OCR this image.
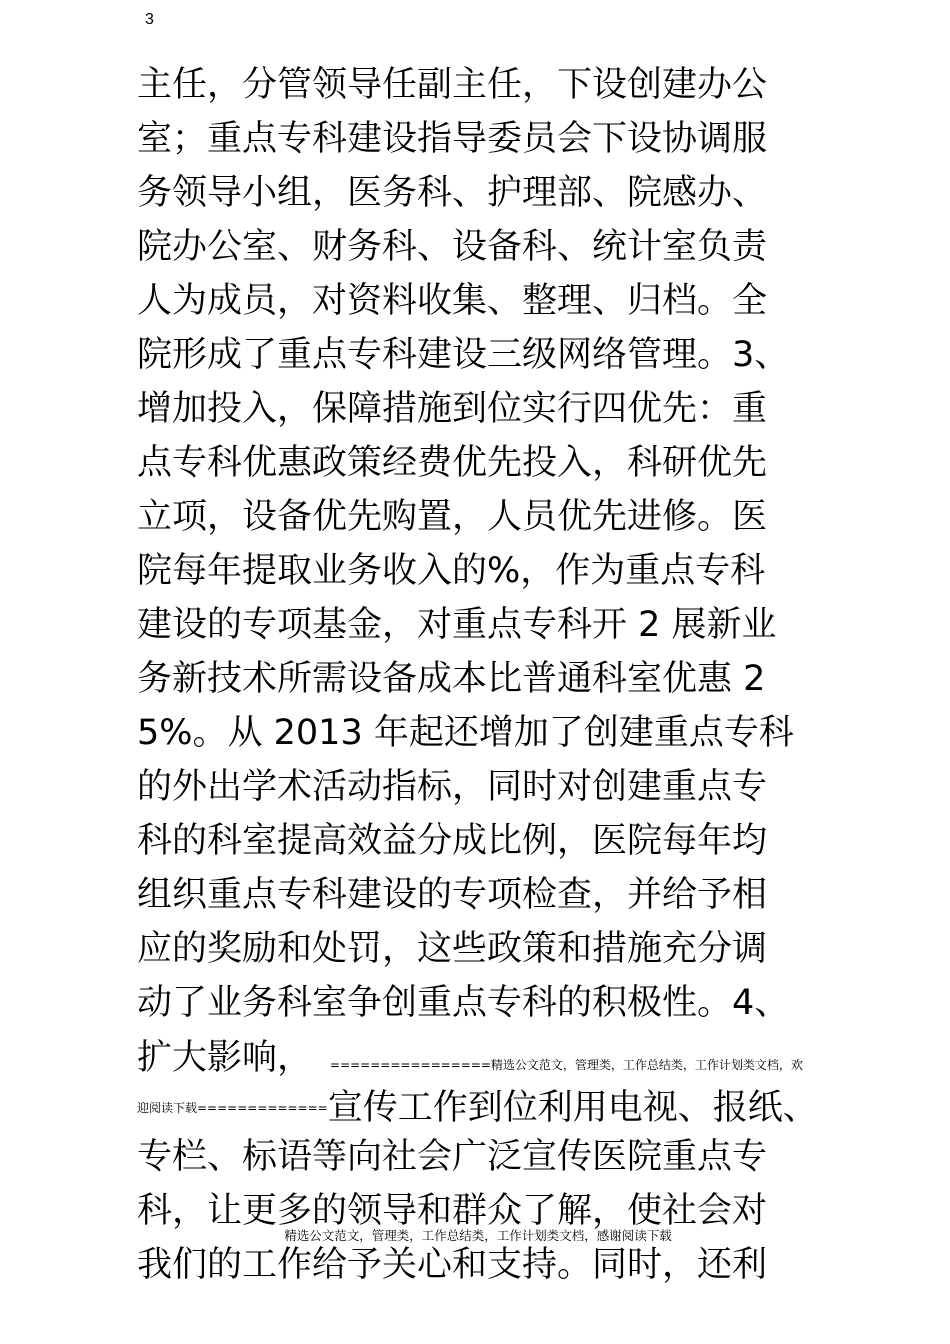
3
主任，分管领导任副主任，下设创建办公
室；重点专科建设指导委员会下设协调服
务领导小组，医务科、护理部、院感办、
院办公室、财务科、设备科、统计室负责
人为成员，对资料收集、整理、归档。全
院形成了重点专科建设三级网络管理。3、
增加投入，保障措施到位实行四优先：重
点专科优惠政策经费优先投入，科研优先
立项，设备优先购置，人员优先进修。医
院每年提取业务收入的%，作为重点专科
建设的专项基金，对重点专科开 2 展新业
务新技术所需设备成本比普通科室优惠 2
5%。从 2013 年起还增加了创建重点专科
的外出学术活动指标，同时对创建重点专
科的科室提高效益分成比例，医院每年均
组织重点专科建设的专项检查，并给予相
应的奖励和处罚，这些政策和措施充分调
动了业务科室争创重点专科的积极性。4、
扩大影响， ================精选公文范文，管理类，工作总结类，工作计划类文档，欢
迎阅读下载============= 宣传工作到位利用电视、报纸、
专栏、标语等向社会广泛宣传医院重点专
科，让更多的领导和群众了解，使社会对
我们的工作给予关心和支持。同时，还利
精选公文范文，管理类，工作总结类，工作计划类文档，感谢阅读下载
